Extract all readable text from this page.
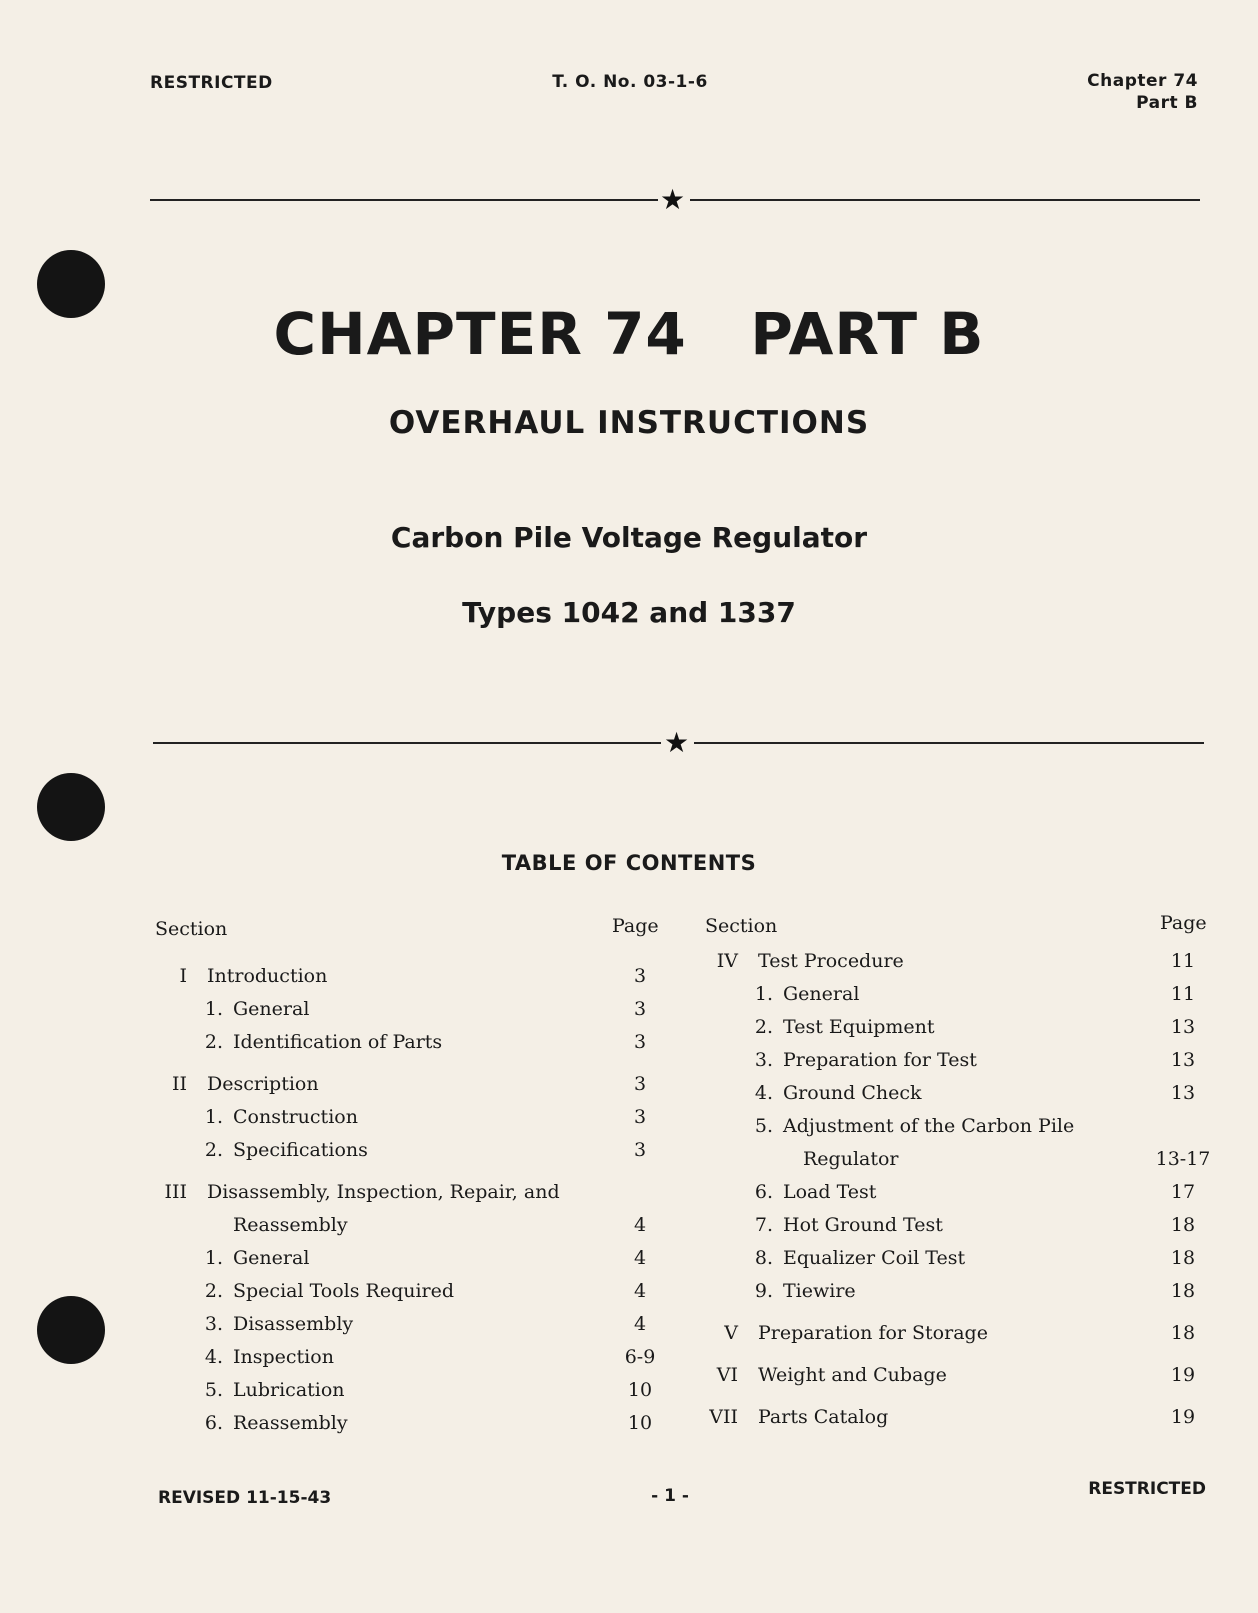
RESTRICTED	T. O. No. 03-1-6	Chapter 74
Part B
★
CHAPTER 74   PART B
OVERHAUL INSTRUCTIONS
Carbon Pile Voltage Regulator
Types 1042 and 1337
★
TABLE OF CONTENTS
Section	Page Section	Page
I Introduction	3
1. General	3
2. Identification of Parts	3
II Description	3
1. Construction	3
2. Specifications	3
III Disassembly, Inspection, Repair, and
Reassembly	4
1. General	4
2. Special Tools Required	4
3. Disassembly	4
4. Inspection	6-9
5. Lubrication	10
6. Reassembly	10
IV Test Procedure	11
1. General	11
2. Test Equipment	13
3. Preparation for Test	13
4. Ground Check	13
5. Adjustment of the Carbon Pile
Regulator	13-17
6. Load Test	17
7. Hot Ground Test	18
8. Equalizer Coil Test	18
9. Tiewire	18
V Preparation for Storage	18
VI Weight and Cubage	19
VII Parts Catalog	19
REVISED 11-15-43	- 1 -	RESTRICTED
